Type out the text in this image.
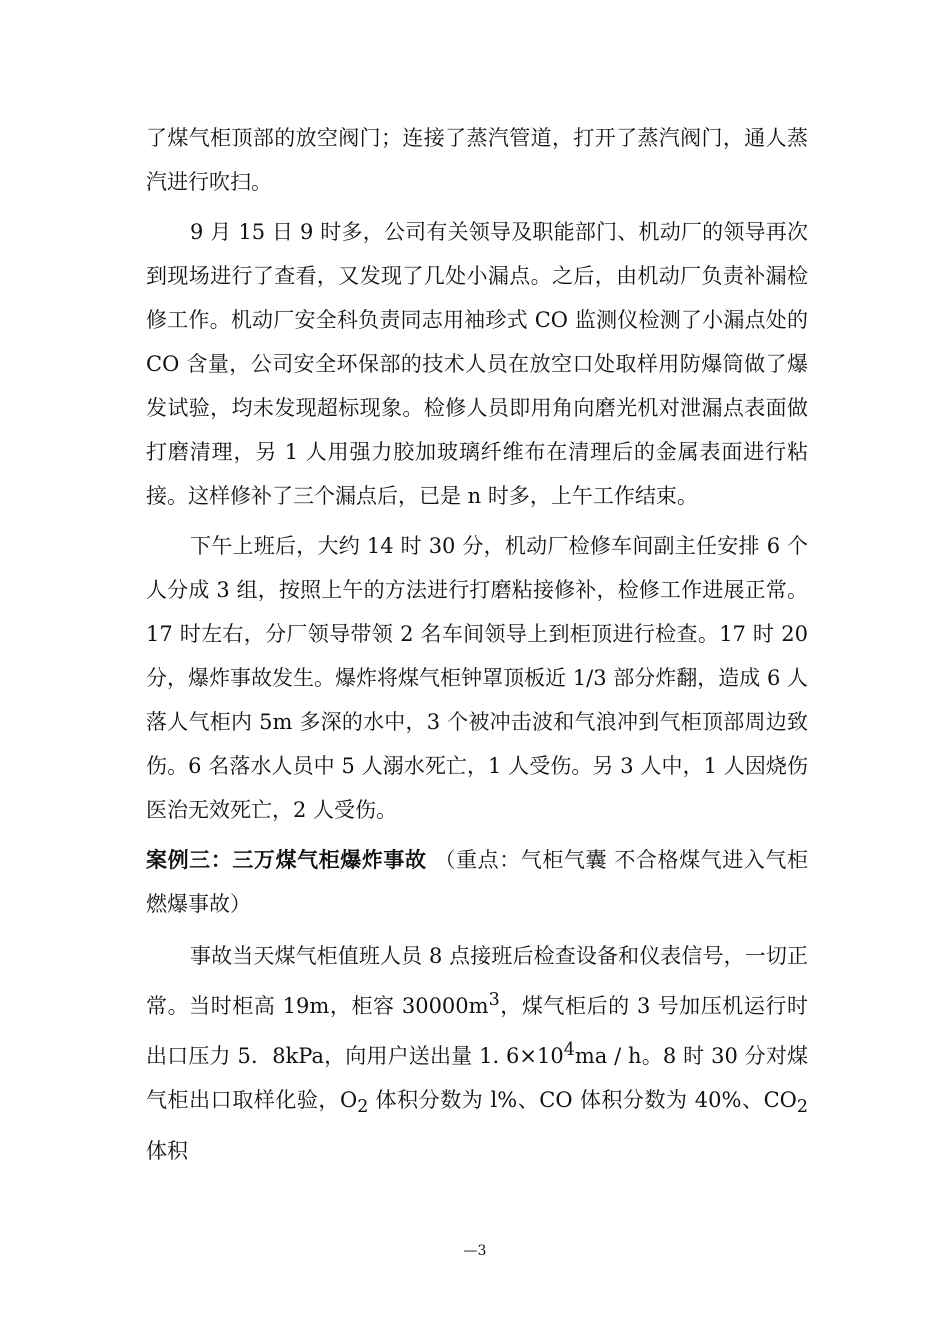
了煤气柜顶部的放空阀门；连接了蒸汽管道，打开了蒸汽阀门，通人蒸汽进行吹扫。

9 月 15 日 9 时多，公司有关领导及职能部门、机动厂的领导再次到现场进行了查看，又发现了几处小漏点。之后，由机动厂负责补漏检修工作。机动厂安全科负责同志用袖珍式 CO 监测仪检测了小漏点处的 CO 含量，公司安全环保部的技术人员在放空口处取样用防爆筒做了爆发试验，均未发现超标现象。检修人员即用角向磨光机对泄漏点表面做打磨清理，另 1 人用强力胶加玻璃纤维布在清理后的金属表面进行粘接。这样修补了三个漏点后，已是 n 时多，上午工作结束。

下午上班后，大约 14 时 30 分，机动厂检修车间副主任安排 6 个人分成 3 组，按照上午的方法进行打磨粘接修补，检修工作进展正常。17 时左右，分厂领导带领 2 名车间领导上到柜顶进行检查。17 时 20 分，爆炸事故发生。爆炸将煤气柜钟罩顶板近 1/3 部分炸翻，造成 6 人落人气柜内 5m 多深的水中，3 个被冲击波和气浪冲到气柜顶部周边致伤。6 名落水人员中 5 人溺水死亡，1 人受伤。另 3 人中，1 人因烧伤医治无效死亡，2 人受伤。

案例三：三万煤气柜爆炸事故 （重点：气柜气囊 不合格煤气进入气柜燃爆事故）

事故当天煤气柜值班人员 8 点接班后检查设备和仪表信号，一切正常。当时柜高 19m，柜容 $30000m^3$，煤气柜后的 3 号加压机运行时出口压力 5．8kPa，向用户送出量 1. $6\times 10^4ma / h$。8 时 30 分对煤气柜出口取样化验，$O_2$ 体积分数为 l%、CO 体积分数为 40%、$CO_2$ 体积

—3
